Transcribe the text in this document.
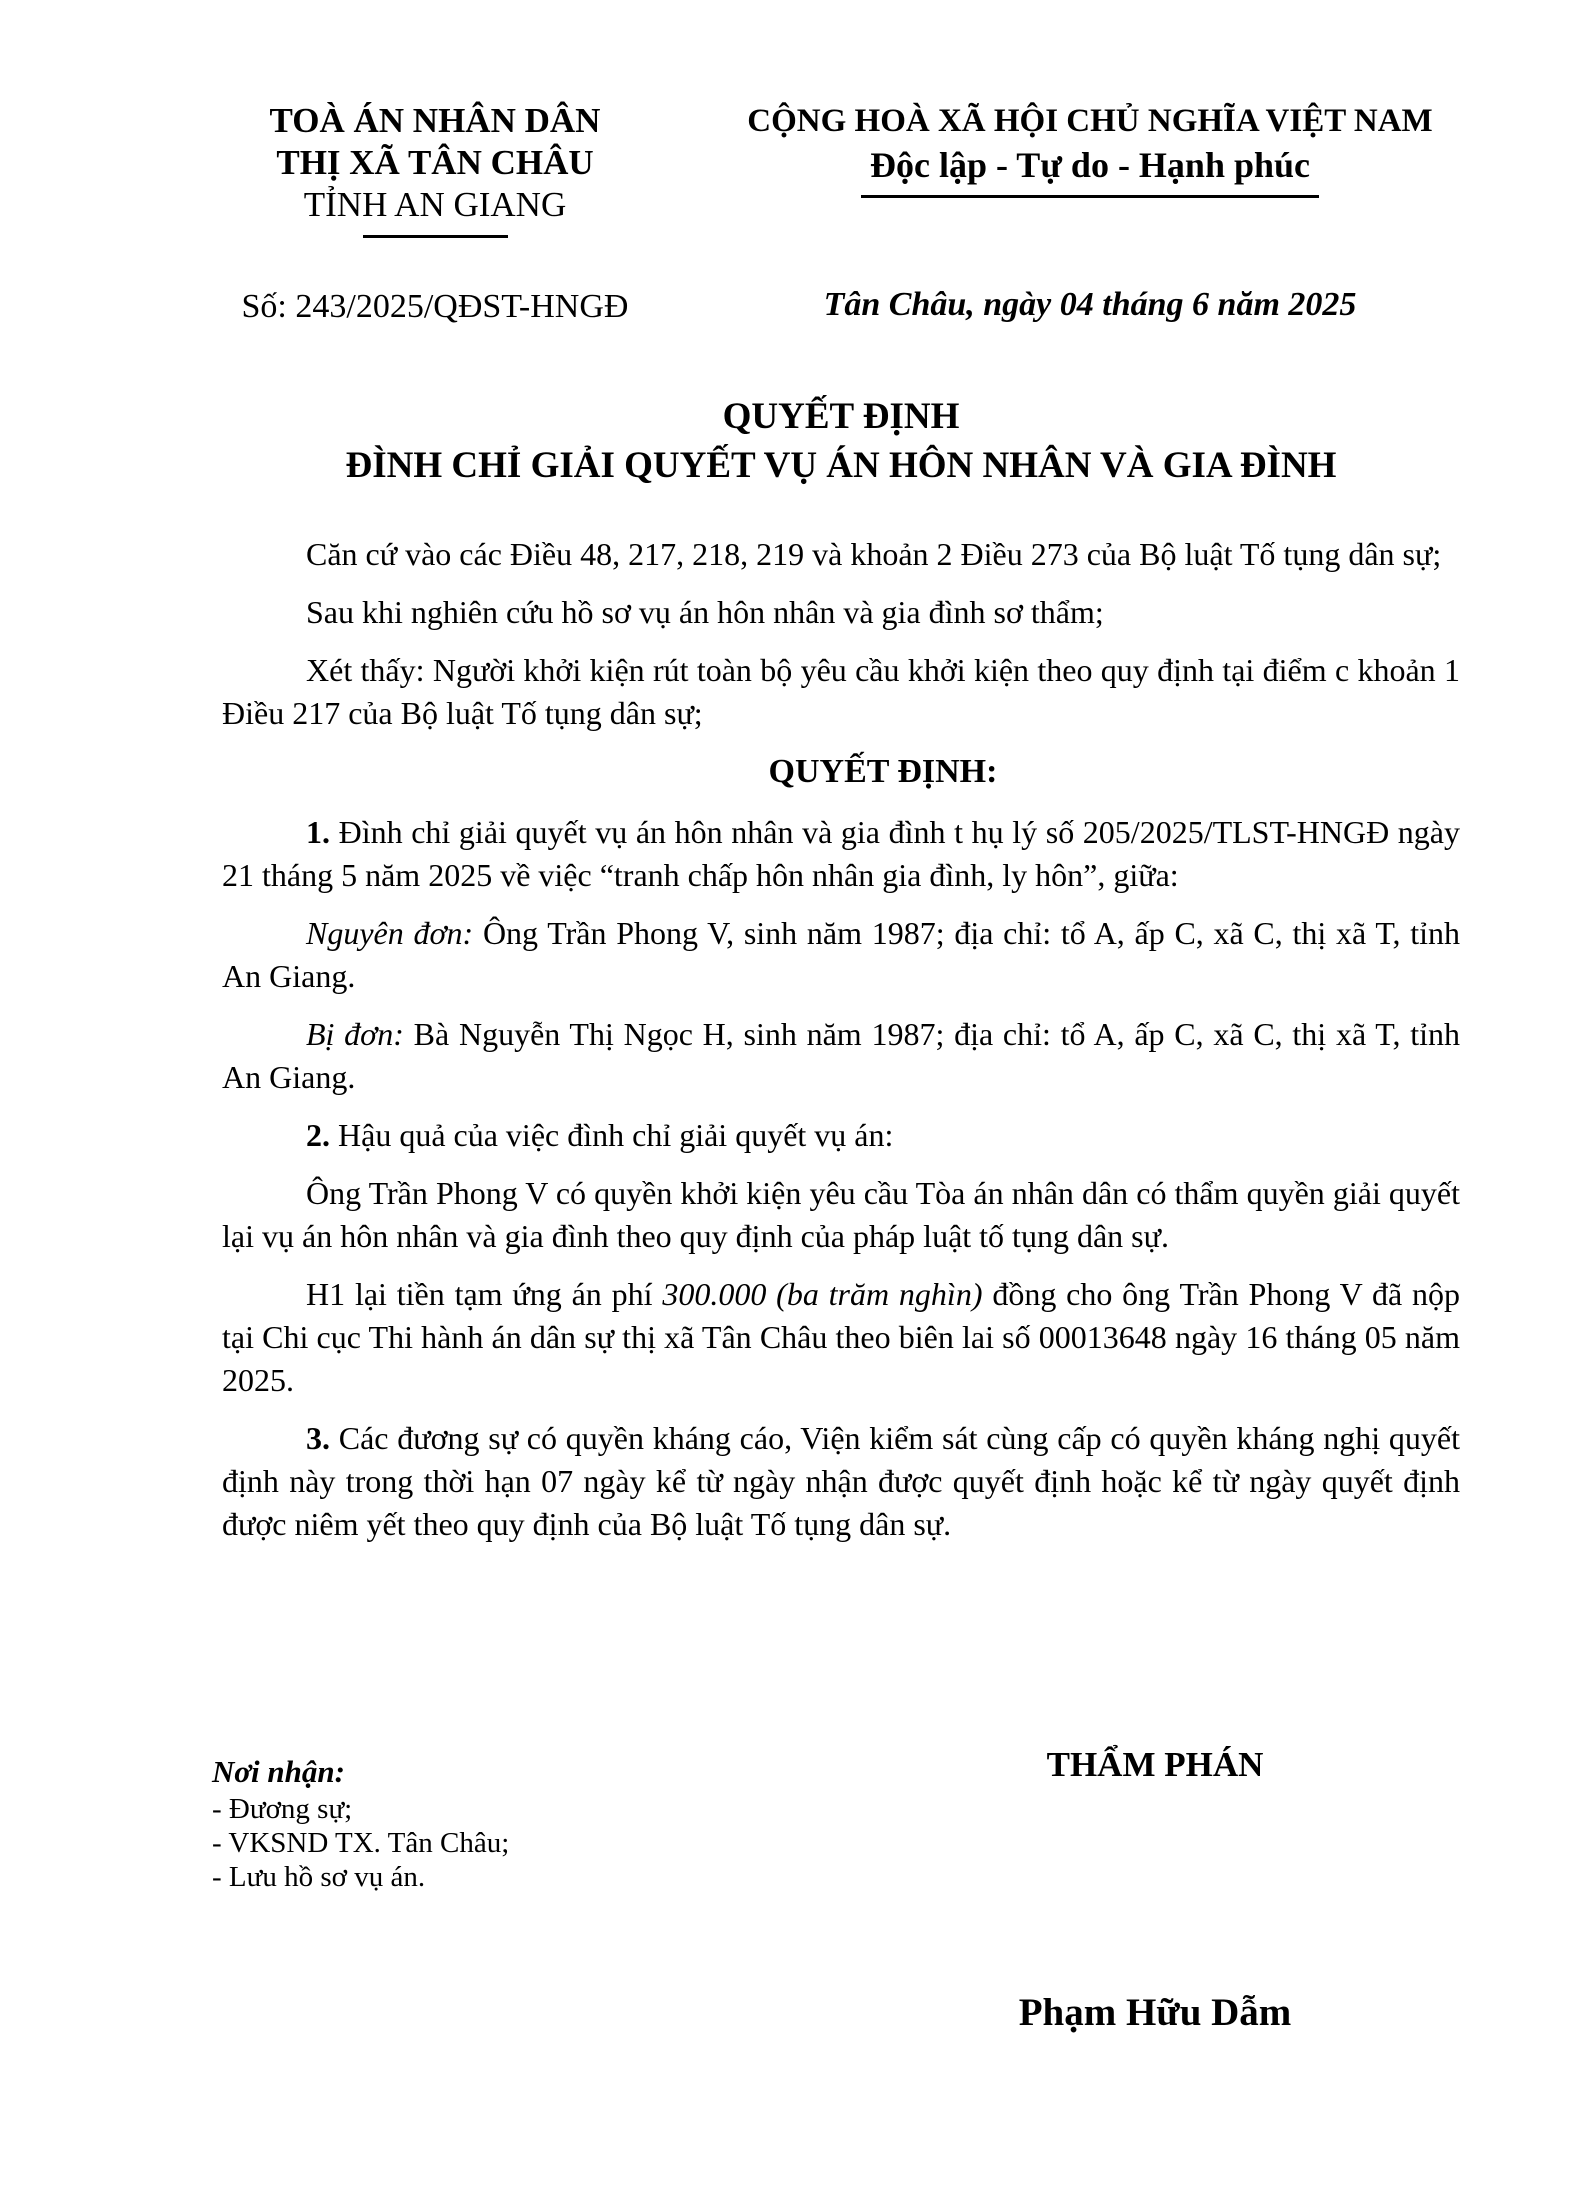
TOÀ ÁN NHÂN DÂN
THỊ XÃ TÂN CHÂU
TỈNH AN GIANG
CỘNG HOÀ XÃ HỘI CHỦ NGHĨA VIỆT NAM
Độc lập - Tự do - Hạnh phúc
Số: 243/2025/QĐST-HNGĐ	Tân Châu, ngày 04 tháng 6 năm 2025
QUYẾT ĐỊNH
ĐÌNH CHỈ GIẢI QUYẾT VỤ ÁN HÔN NHÂN VÀ GIA ĐÌNH

Căn cứ vào các Điều 48, 217, 218, 219 và khoản 2 Điều 273 của Bộ luật Tố tụng dân sự;

Sau khi nghiên cứu hồ sơ vụ án hôn nhân và gia đình sơ thẩm;

Xét thấy: Người khởi kiện rút toàn bộ yêu cầu khởi kiện theo quy định tại điểm c khoản 1 Điều 217 của Bộ luật Tố tụng dân sự;

QUYẾT ĐỊNH:

1. Đình chỉ giải quyết vụ án hôn nhân và gia đình t hụ lý số 205/2025/TLST-HNGĐ ngày 21 tháng 5 năm 2025 về việc “tranh chấp hôn nhân gia đình, ly hôn”, giữa:

Nguyên đơn: Ông Trần Phong V, sinh năm 1987; địa chỉ: tổ A, ấp C, xã C, thị xã T, tỉnh An Giang.

Bị đơn: Bà Nguyễn Thị Ngọc H, sinh năm 1987; địa chỉ: tổ A, ấp C, xã C, thị xã T, tỉnh An Giang.

2. Hậu quả của việc đình chỉ giải quyết vụ án:

Ông Trần Phong V có quyền khởi kiện yêu cầu Tòa án nhân dân có thẩm quyền giải quyết lại vụ án hôn nhân và gia đình theo quy định của pháp luật tố tụng dân sự.

H1 lại tiền tạm ứng án phí 300.000 (ba trăm nghìn) đồng cho ông Trần Phong V đã nộp tại Chi cục Thi hành án dân sự thị xã Tân Châu theo biên lai số 00013648 ngày 16 tháng 05 năm 2025.

3. Các đương sự có quyền kháng cáo, Viện kiểm sát cùng cấp có quyền kháng nghị quyết định này trong thời hạn 07 ngày kể từ ngày nhận được quyết định hoặc kể từ ngày quyết định được niêm yết theo quy định của Bộ luật Tố tụng dân sự.

Nơi nhận:
- Đương sự;
- VKSND TX. Tân Châu;
- Lưu hồ sơ vụ án.
THẨM PHÁN
Phạm Hữu Dẫm
